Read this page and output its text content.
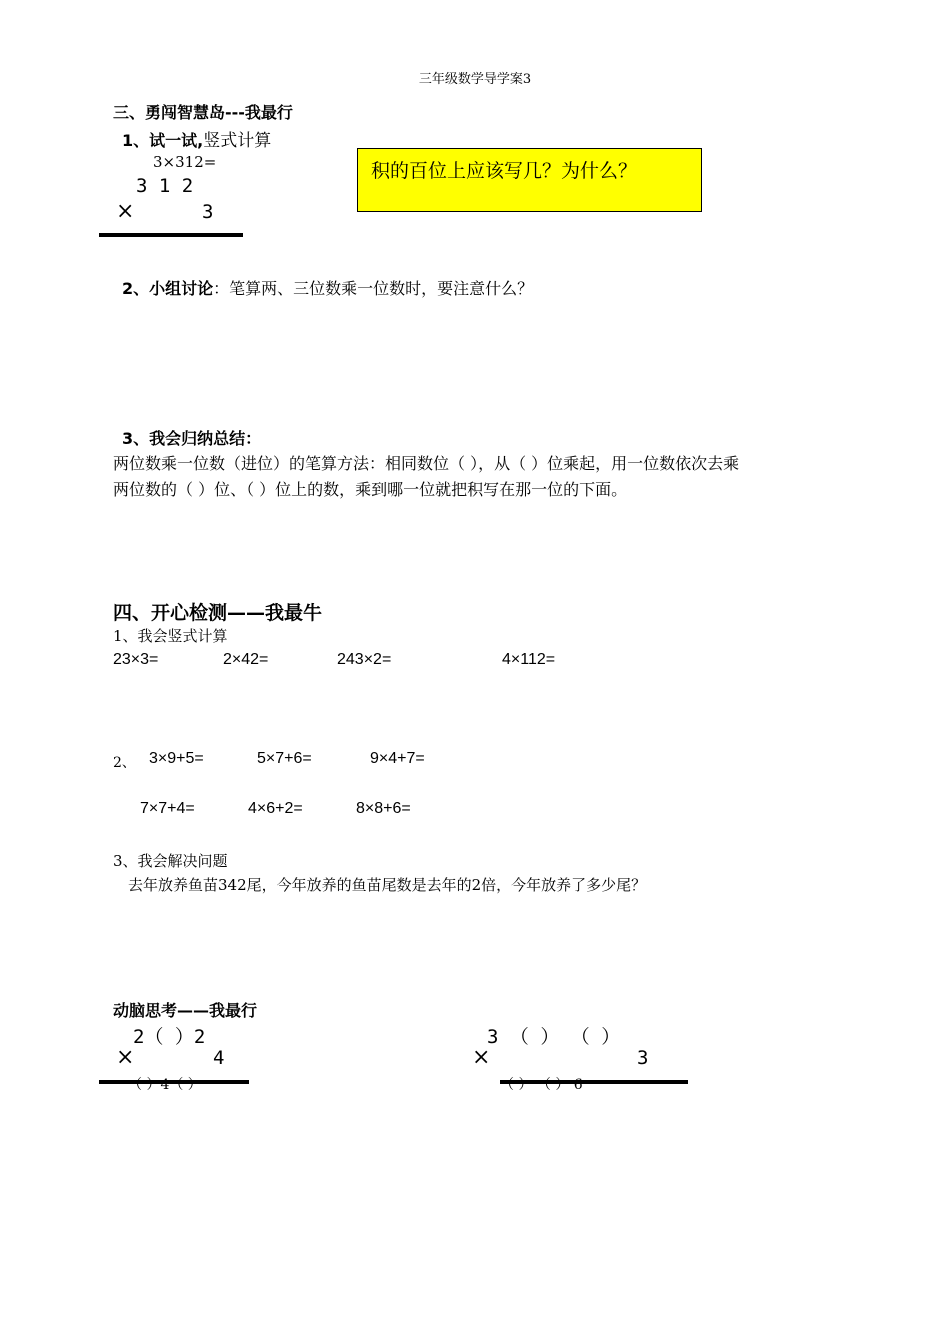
三年级数学导学案3
三、勇闯智慧岛---我最行
1、试一试,竖式计算
3×312=
3 1 2
×	3
积的百位上应该写几？为什么？
2、小组讨论：笔算两、三位数乘一位数时，要注意什么？
3、我会归纳总结：
两位数乘一位数（进位）的笔算方法：相同数位（ ），从（ ）位乘起，用一位数依次去乘
两位数的（ ）位、（ ）位上的数，乘到哪一位就把积写在那一位的下面。
四、开心检测——我最牛
1、我会竖式计算
23×3=	2×42=	243×2=	4×112=
2、 3×9+5=	5×7+6=	9×4+7=
7×7+4=	4×6+2=	8×8+6=
3、我会解决问题
去年放养鱼苗342尾，今年放养的鱼苗尾数是去年的2倍，今年放养了多少尾？
动脑思考——我最行
2（ ）2
×	4
（ ）4（ ）
3 （ ） （ ）
×	3
（ ） （ ） 6
